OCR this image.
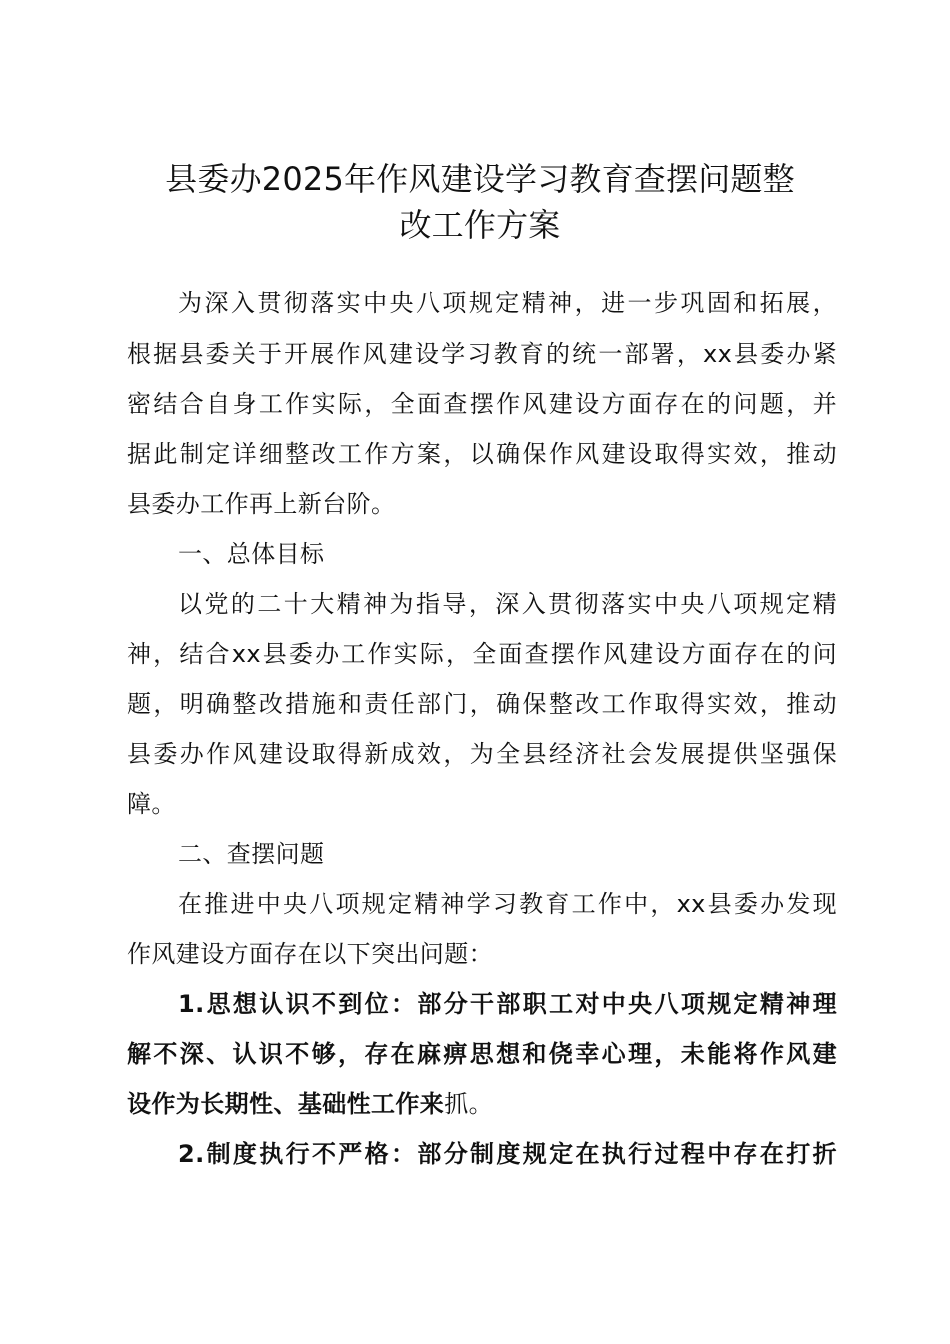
县委办2025年作风建设学习教育查摆问题整
改工作方案
为深入贯彻落实中央八项规定精神，进一步巩固和拓展，
根据县委关于开展作风建设学习教育的统一部署，xx县委办紧
密结合自身工作实际，全面查摆作风建设方面存在的问题，并
据此制定详细整改工作方案，以确保作风建设取得实效，推动
县委办工作再上新台阶。
一、总体目标
以党的二十大精神为指导，深入贯彻落实中央八项规定精
神，结合xx县委办工作实际，全面查摆作风建设方面存在的问
题，明确整改措施和责任部门，确保整改工作取得实效，推动
县委办作风建设取得新成效，为全县经济社会发展提供坚强保
障。
二、查摆问题
在推进中央八项规定精神学习教育工作中，xx县委办发现
作风建设方面存在以下突出问题：
1.思想认识不到位：部分干部职工对中央八项规定精神理
解不深、认识不够，存在麻痹思想和侥幸心理，未能将作风建
设作为长期性、基础性工作来抓。
2.制度执行不严格：部分制度规定在执行过程中存在打折
